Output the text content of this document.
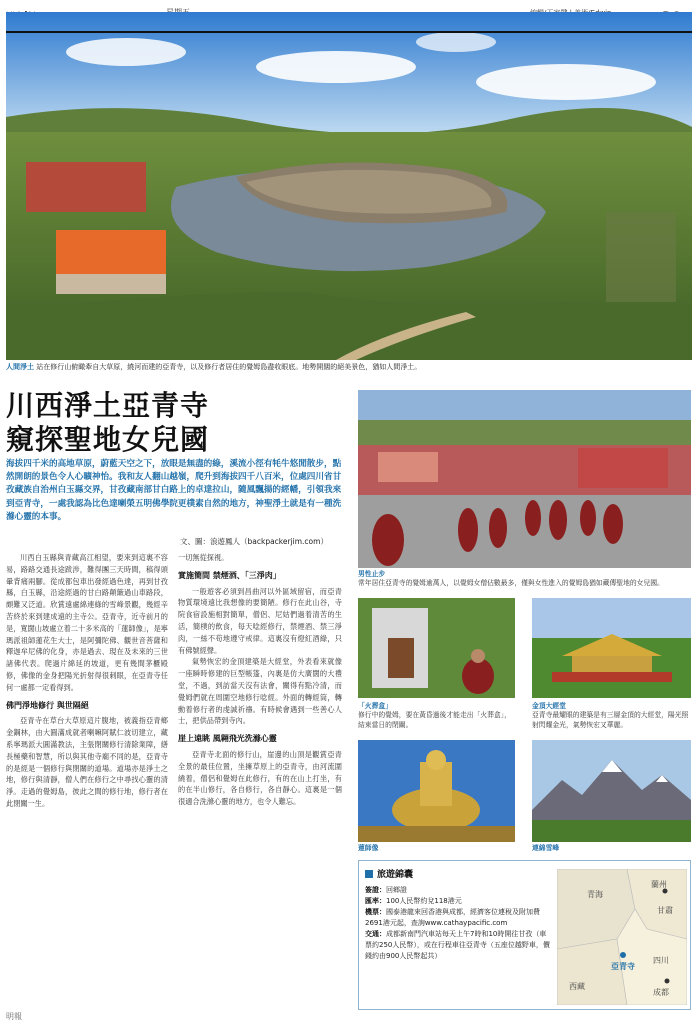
人間淨土 站在修行山俯瞰牽自大草原，繞河而建的亞青寺，以及修行者居住的覺姆島盡收眼底。地勢開闊的絕美景色，猶如人間淨土。
川西淨土亞青寺
窺探聖地女兒國
海拔四千米的高地草原，蔚藍天空之下，放眼是無盡的綠，溪流小徑有牦牛悠閒散步，點然開朗的景色令人心曠神怡。我和友人翻山越嶺，爬升到海拔四千八百米，位處四川省甘孜藏族自治州白玉縣交界，甘孜藏南部甘白路上的卓達拉山，隨風飄揚的經幡，引領我來到亞青寺，一處我認為比色達喇榮五明佛學院更樸素自然的地方，神聖淨土就是有一種洗滌心靈的本事。
文、圖：浪遊鳳人（backpackerjim.com）

川西白玉縣與青藏高江相望，要來到這裏不容易，路路交通長途跋涉，難得團三天時間，稿得頭暈背痛兩腳。從成都包車出發經過色達，再到甘孜縣，白玉縣，沿途經過的甘白路顛簸過山車路段，頗難又泛道。欣賞遠處綿連綠的雪峰景觀，幾經辛苦終於來到建成遠的主寺公。亞青寺，近寺前月的是，寬闊山坡處立着二十多米高的「蓮師像」，是寧瑪派祖師蓮花生大士，是阿彌陀佛、觀世音菩薩和釋迦牟尼佛的化身，亦是過去、現在及未來的三世諸佛代表。爬過片綿延的坡道，更有幾間茅櫃殿修，佛像的金身把陽光折射得很刺眼，在亞青寺任何一處都一定看得到。

佛門淨地修行 與世隔絕

亞青寺在草台大草原這片腹地，被義指亞青鄉金鋼林，由大圓滿成就者喇嘛阿賦仁波切建立，藏系寧瑪派大圓滿教法，主張閉關修行清除業障，繕長極藥和智慧，所以與其他寺廟不同的是，亞青寺的是經是一個修行與閉關的道場。道場亦是淨土之地，修行與清靜，僧人們在修行之中尋找心靈的清淨。走過的覺姆島，彼此之間的修行地，修行者在此閉關一生。

一切無從探視。

實施簡間 禁煙酒、「三淨肉」

一般遊客必須到昌曲河以外區域留宿，而亞青物質環境遠比我想像的要簡陋。修行在此山谷，寺院食宿設施相對簡單，僧侶、尼姑們過着清苦的生活，簡樸的飲食，每天唸經修行，禁煙酒、禁三淨肉，一絲不苟地遵守戒律。這裏沒有燈紅酒綠，只有佛號經聲。

氣勢恢宏的金頂建築是大經堂，外表看來就像一座瞬時修建的巨型帳篷，內裏是仿大廣闊的大禮堂，不過，到訪當天沒有法會，關得有點冷清，而覺姆們就在周圍空地修行唸經。外面的轉經筒，轉動着修行者的虔誠祈禱。有時候會遇到一些善心人士，把供品帶到寺內。

崖上遠眺 風翱飛光洗滌心靈

亞青寺北面的修行山，崖邊的山頂是觀賞亞青全景的最佳位置，坐擁草原上的亞青寺，由河流圍繞着，僧侶和覺姆在此修行，有的在山上打坐，有的在半山修行，各自修行，各自靜心。這裏是一個很適合洗滌心靈的地方，也令人難忘。

男性止步
常年居住亞青寺的覺姆逾萬人，以覺姆女僧佔數最多，僅與女性進入的覺姆島猶如藏傳聖地的女兒國。
「火葬盒」
修行中的覺姆，要在黃昏過後才能走出「火葬盒」，結束當日的閉關。
金頂大經堂
亞青寺最耀眼的建築是有三層金頂的大經堂，陽光照射閃耀金光，氣勢恢宏又華麗。
蓮師像	連綿雪峰
旅遊錦囊
簽證：回鄉證
匯率：100人民幣約兌118港元
機票：國泰港龍來回香港與成都，經濟客位連稅及附加費2691港元起，查詢www.cathaypacific.com
交通：成都新南門汽車站每天上午7時和10時開往甘孜（車票約250人民幣），或在行程車往亞青寺（五座位越野車，價錢約由900人民幣起共）
青海
蘭州
甘肅
西藏
亞青寺
四川
成都
明報
